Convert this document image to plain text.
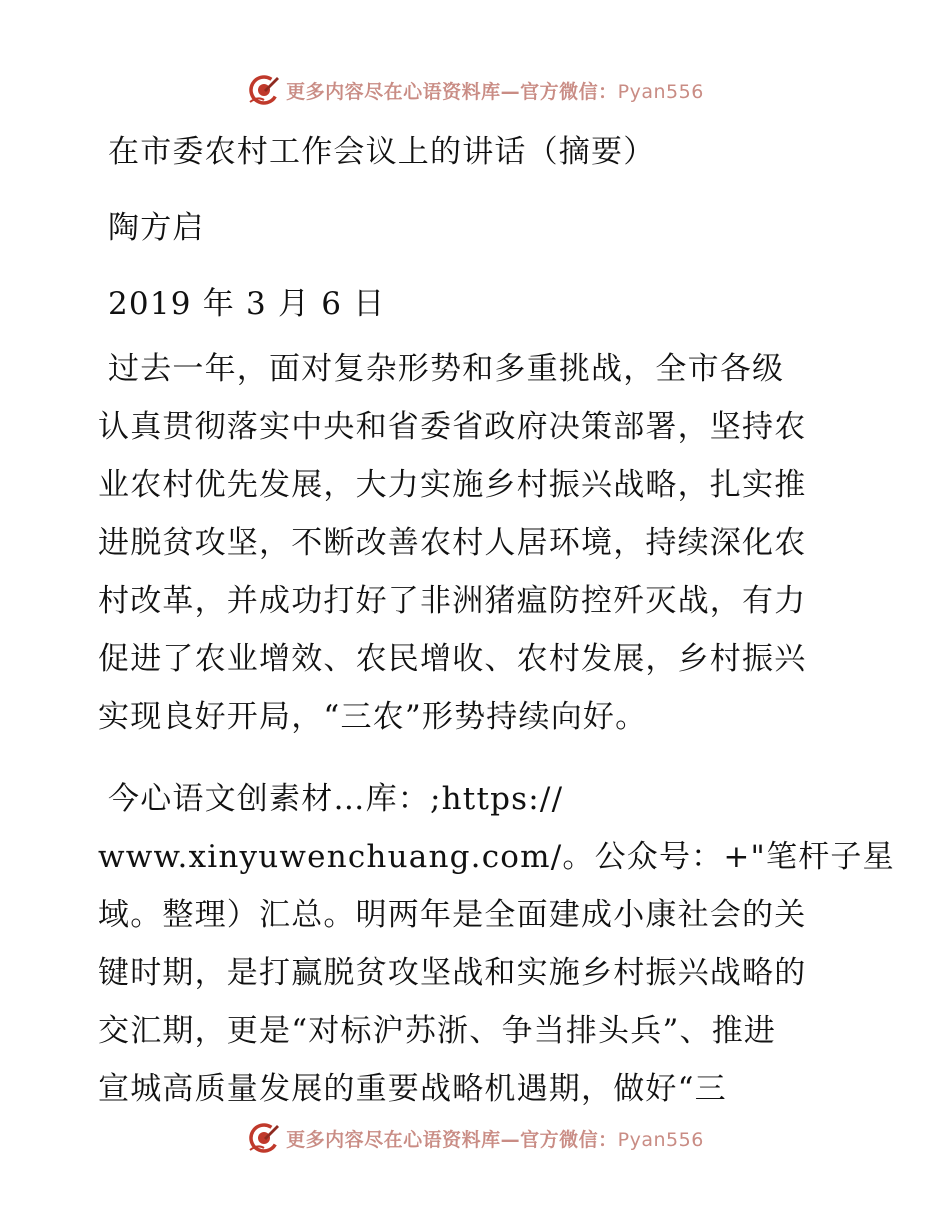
更多内容尽在心语资料库—官方微信：Pyan556

在市委农村工作会议上的讲话（摘要）

陶方启

2019 年 3 月 6 日

过去一年，面对复杂形势和多重挑战，全市各级

认真贯彻落实中央和省委省政府决策部署，坚持农

业农村优先发展，大力实施乡村振兴战略，扎实推

进脱贫攻坚，不断改善农村人居环境，持续深化农

村改革，并成功打好了非洲猪瘟防控歼灭战，有力

促进了农业增效、农民增收、农村发展，乡村振兴

实现良好开局，“三农”形势持续向好。

今心语文创素材…库：;https://

www.xinyuwenchuang.com/。公众号：+"笔杆子星

域。整理）汇总。明两年是全面建成小康社会的关

键时期，是打赢脱贫攻坚战和实施乡村振兴战略的

交汇期，更是“对标沪苏浙、争当排头兵”、推进

宣城高质量发展的重要战略机遇期，做好“三

更多内容尽在心语资料库—官方微信：Pyan556
